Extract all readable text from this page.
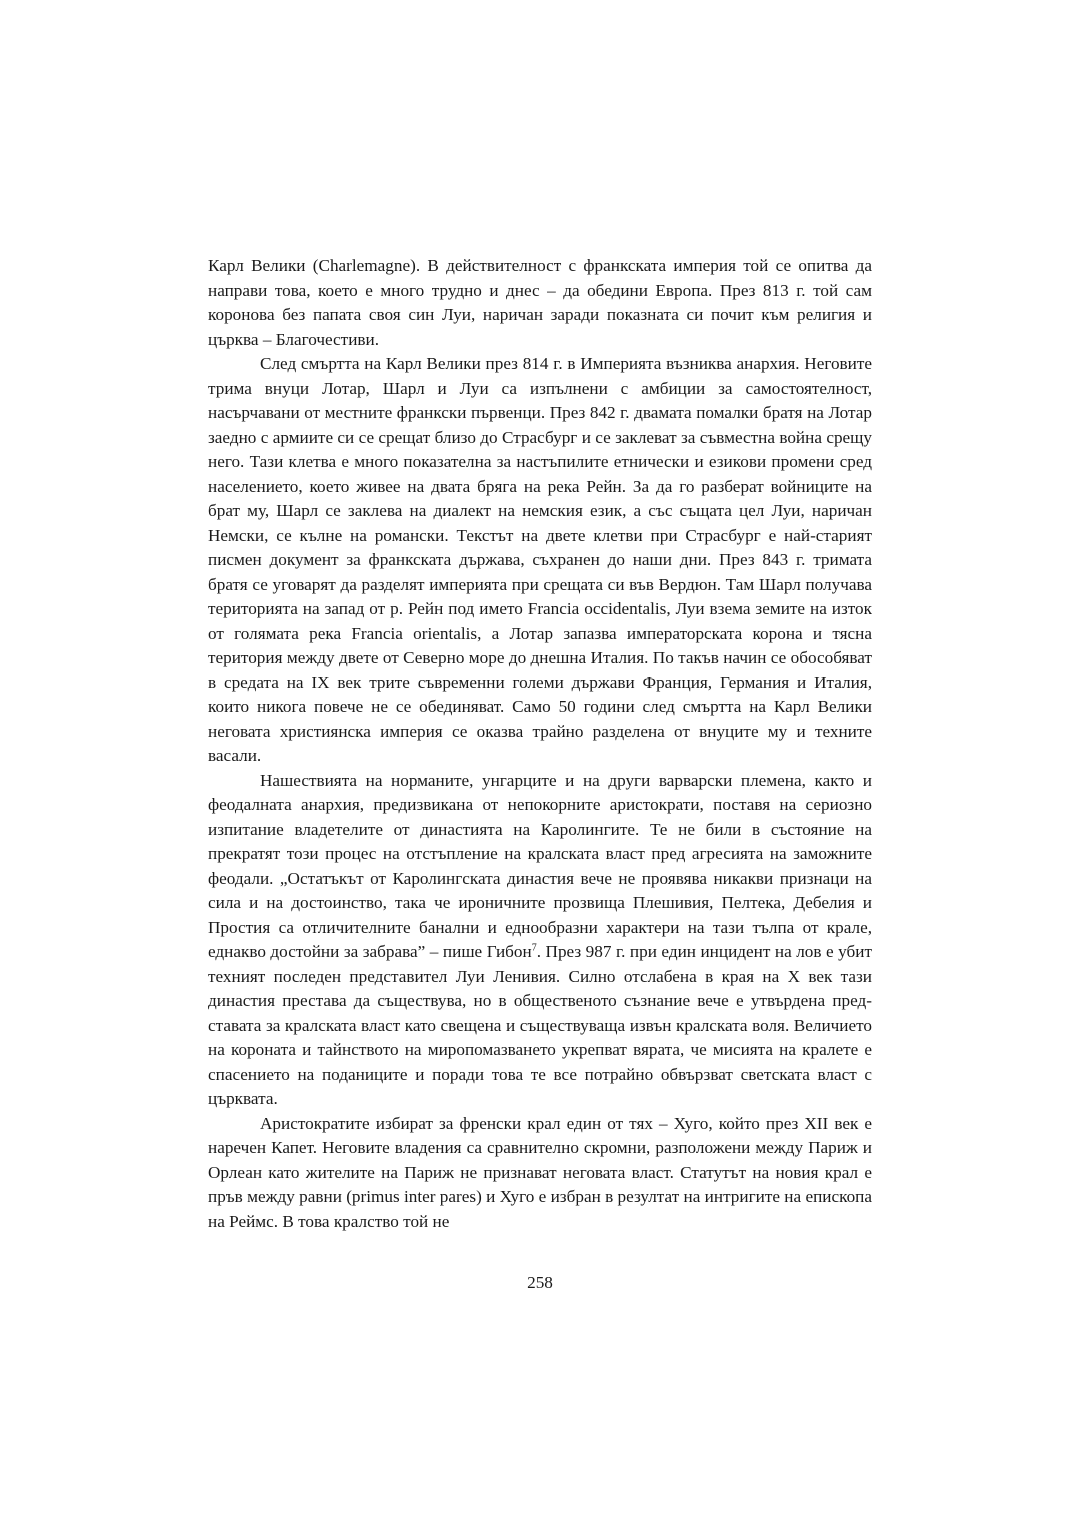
Карл Велики (Charlemagne). В действителност с франкската империя той се опитва да направи това, което е много трудно и днес – да обедини Европа. През 813 г. той сам коронова без папата своя син Луи, наричан заради показната си почит към религия и църква – Благочестиви.

След смъртта на Карл Велики през 814 г. в Империята възниква анархия. Неговите трима внуци Лотар, Шарл и Луи са изпълнени с амбиции за самостоятелност, насърчавани от местните франкски първенци. През 842 г. двамата помалки братя на Лотар заедно с армиите си се срещат близо до Страсбург и се заклеват за съвместна война срещу него. Тази клетва е много показателна за настъпилите етнически и езикови промени сред населението, което живее на двата бряга на река Рейн. За да го разберат войниците на брат му, Шарл се заклева на диалект на немския език, а със същата цел Луи, наричан Немски, се кълне на романски. Текстът на двете клетви при Страсбург е най-старият писмен документ за франкската държава, съхранен до наши дни. През 843 г. тримата братя се уговарят да разделят империята при срещата си във Вердюн. Там Шарл получава територията на запад от р. Рейн под името Francia occidentalis, Луи взема земите на изток от голямата река Francia orientalis, а Лотар запазва императорската корона и тясна територия между двете от Северно море до днешна Италия. По такъв начин се обособяват в средата на IX век трите съвременни големи държави Франция, Германия и Италия, които никога повече не се обединяват. Само 50 години след смъртта на Карл Велики неговата християнска империя се оказва трайно разделена от внуците му и техните васали.

Нашествията на норманите, унгарците и на други варварски племена, както и феодалната анархия, предизвикана от непокорните аристократи, поставя на сериозно изпитание владетелите от династията на Каролингите. Те не били в състояние на прекратят този процес на отстъпление на кралската власт пред агресията на заможните феодали. „Остатъкът от Каролингската династия вече не проявява никакви признаци на сила и на достоинство, така че ироничните прозвища Плешивия, Пелтека, Дебелия и Простия са отличителните банални и еднообразни характери на тази тълпа от крале, еднакво достойни за забрава” – пише Гибон$^7$. През 987 г. при един инцидент на лов е убит техният последен представител Луи Ленивия. Силно отслабена в края на Х век тази династия престава да съществува, но в общественото съзнание вече е утвърдена представата за кралската власт като свещена и съществуваща извън кралската воля. Величието на короната и тайнството на миропомазването укрепват вярата, че мисията на кралете е спасението на поданиците и поради това те все потрайно обвързват светската власт с църквата.

Аристократите избират за френски крал един от тях – Хуго, който през XII век е наречен Капет. Неговите владения са сравнително скромни, разположени между Париж и Орлеан като жителите на Париж не признават неговата власт. Статутът на новия крал е пръв между равни (primus inter pares) и Хуго е избран в резултат на интригите на епископа на Реймс. В това кралство той не

258
